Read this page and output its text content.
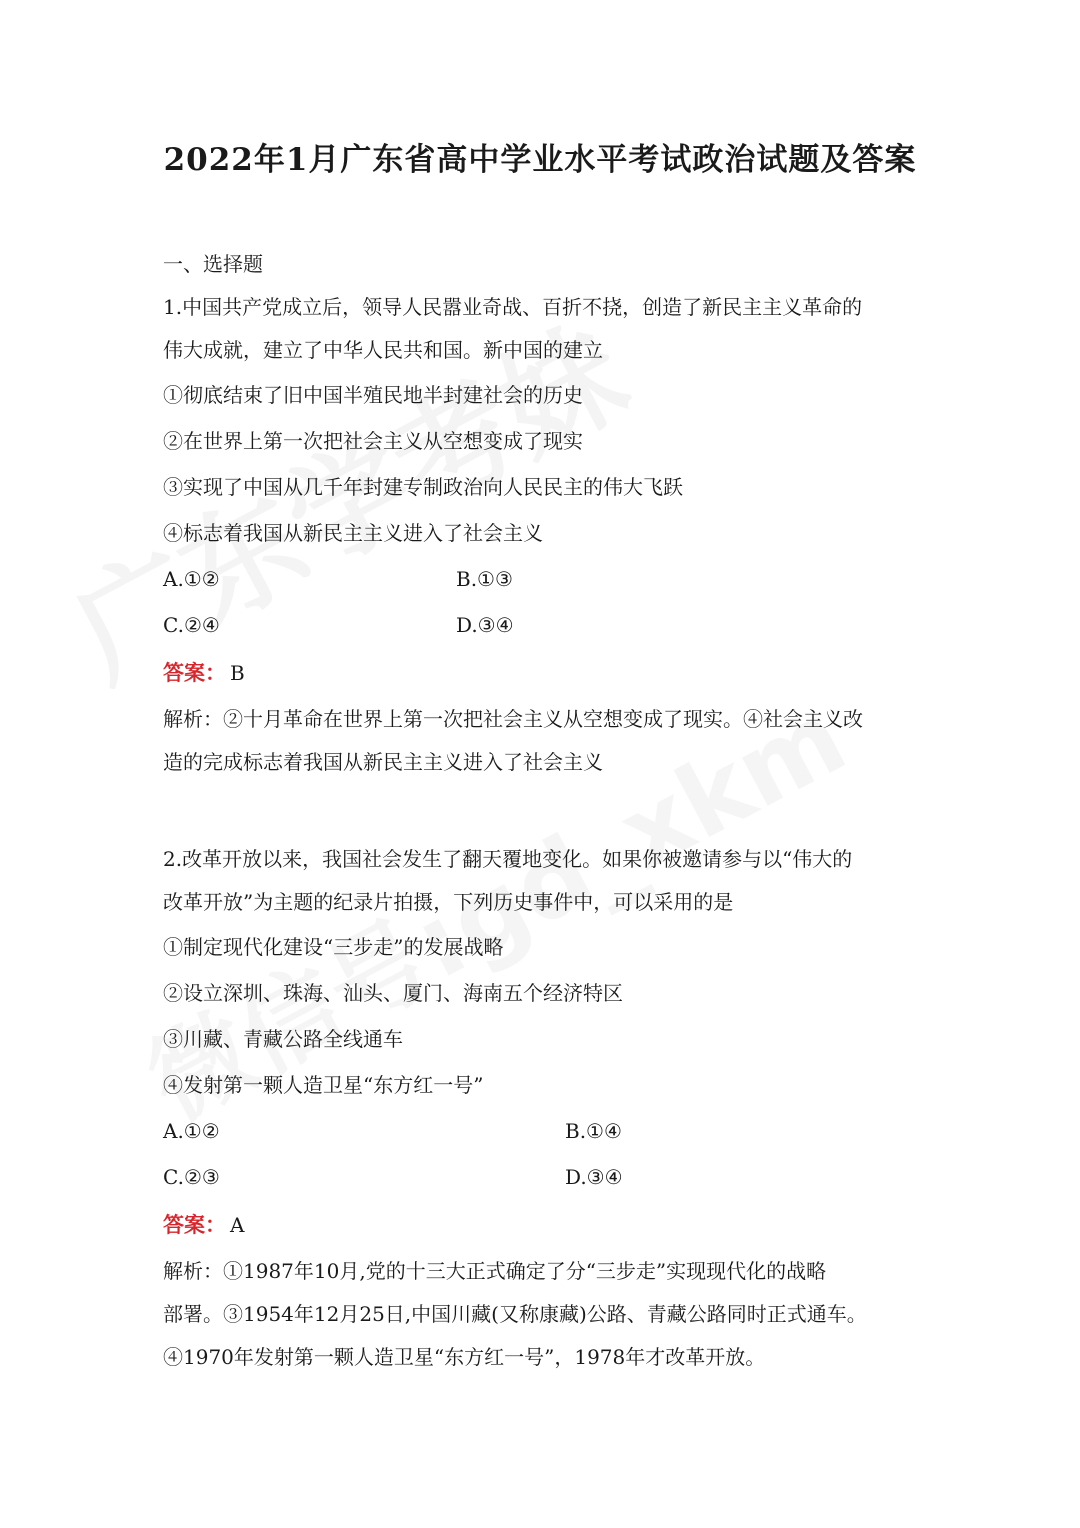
2022年1月广东省高中学业水平考试政治试题及答案
一、选择题

1.中国共产党成立后，领导人民嚣业奇战、百折不挠，创造了新民主主义革命的

伟大成就，建立了中华人民共和国。新中国的建立

①彻底结束了旧中国半殖民地半封建社会的历史
②在世界上第一次把社会主义从空想变成了现实
③实现了中国从几千年封建专制政治向人民民主的伟大飞跃
④标志着我国从新民主主义进入了社会主义
A.①②	B.①③
C.②④	D.③④
答案 ： B

解析：②十月革命在世界上第一次把社会主义从空想变成了现实。④社会主义改

造的完成标志着我国从新民主主义进入了社会主义

2.改革开放以来，我国社会发生了翻天覆地变化。如果你被邀请参与以“伟大的

改革开放”为主题的纪录片拍摄，下列历史事件中，可以采用的是

①制定现代化建设“三步走”的发展战略
②设立深圳、珠海、汕头、厦门、海南五个经济特区
③川藏、青藏公路全线通车
④发射第一颗人造卫星“东方红一号”
A.①②	B.①④
C.②③	D.③④
答案 ： A

解析：①1987年10月,党的十三大正式确定了分“三步走”实现现代化的战略

部署。③1954年12月25日,中国川藏(又称康藏)公路、青藏公路同时正式通车。

④1970年发射第一颗人造卫星“东方红一号”，1978年才改革开放。
